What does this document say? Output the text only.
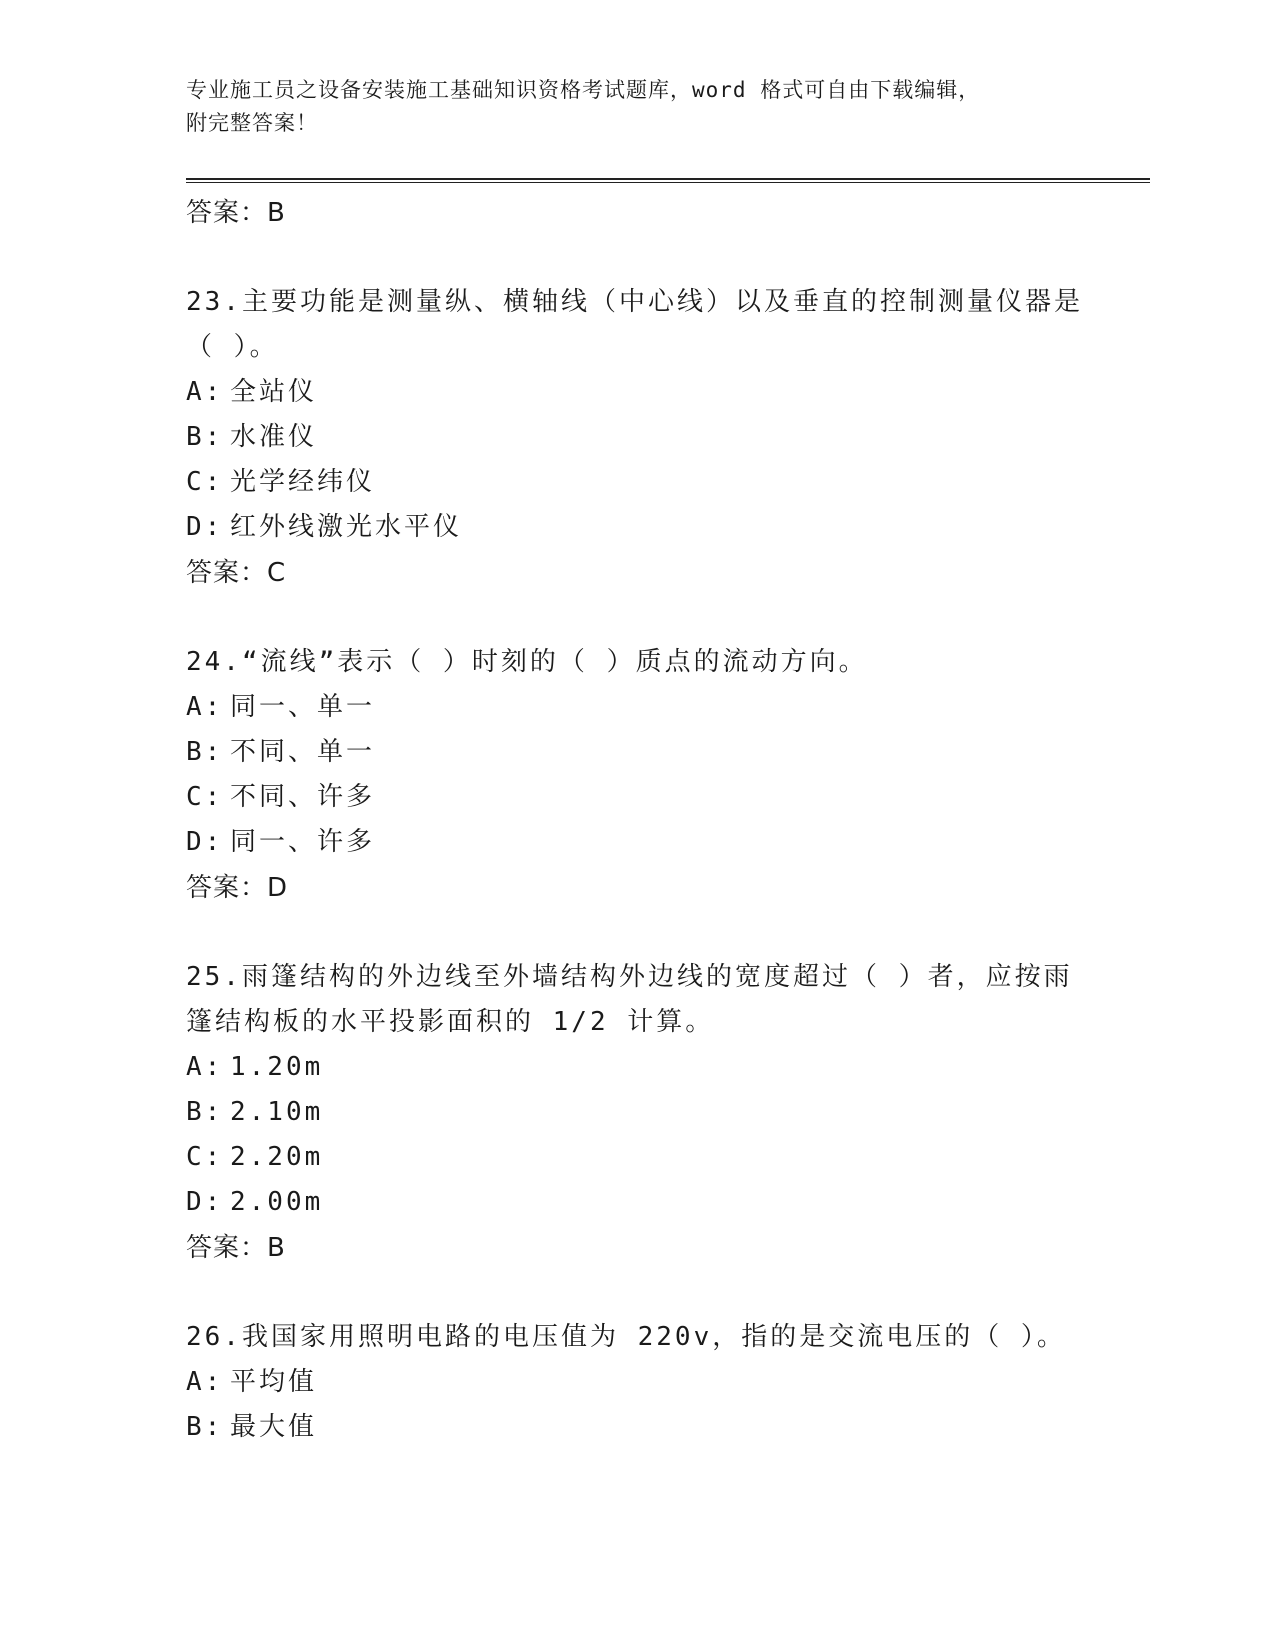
专业施工员之设备安装施工基础知识资格考试题库，word 格式可自由下载编辑，
附完整答案！
答案：B
23.主要功能是测量纵、横轴线（中心线）以及垂直的控制测量仪器是（ ）。
A: 全站仪
B: 水准仪
C: 光学经纬仪
D: 红外线激光水平仪
答案：C
24.“流线”表示（ ）时刻的（ ）质点的流动方向。
A: 同一、单一
B: 不同、单一
C: 不同、许多
D: 同一、许多
答案：D
25.雨篷结构的外边线至外墙结构外边线的宽度超过（ ）者，应按雨篷结构板的水平投影面积的 1/2 计算。
A: 1.20m
B: 2.10m
C: 2.20m
D: 2.00m
答案：B
26.我国家用照明电路的电压值为 220v，指的是交流电压的（ ）。
A: 平均值
B: 最大值
